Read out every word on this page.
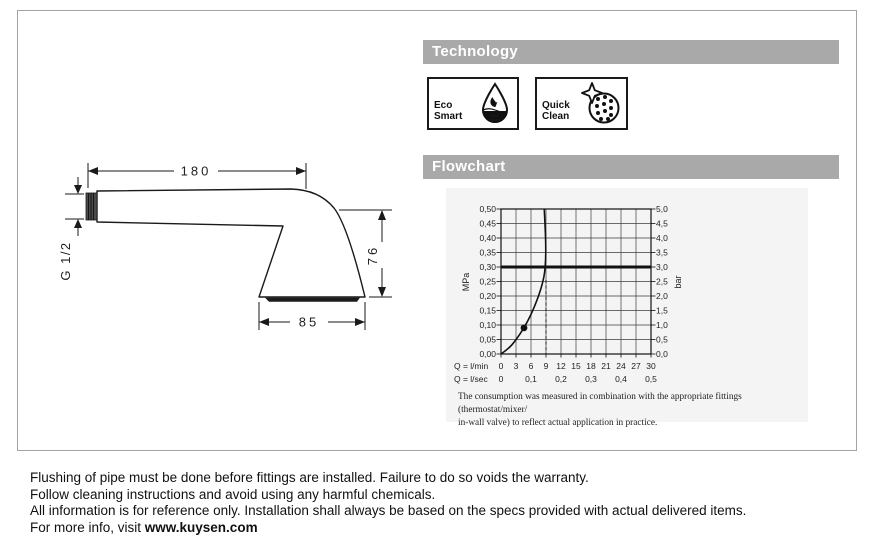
180
G 1/2	76
85
Technology
Eco
Smart	ECO
SMART
Quick
Clean
Flowchart
0,50
0,45
0,40
0,35
0,30
0,25
0,20
0,15
0,10
0,05
0,00
5,0
4,5
4,0
3,5
3,0
2,5
2,0
1,5
1,0
0,5
0,0
MPa	bar
Q = l/min 0 3 6 9 12 15 18 21 24 27 30
Q = l/sec 0	0,1 0,2 0,3 0,4 0,5
The consumption was measured in combination with the appropriate fittings (thermostat/mixer/
in-wall valve) to reflect actual application in practice.
Flushing of pipe must be done before fittings are installed. Failure to do so voids the warranty.
Follow cleaning instructions and avoid using any harmful chemicals.
All information is for reference only. Installation shall always be based on the specs provided with actual delivered items.
For more info, visit www.kuysen.com
